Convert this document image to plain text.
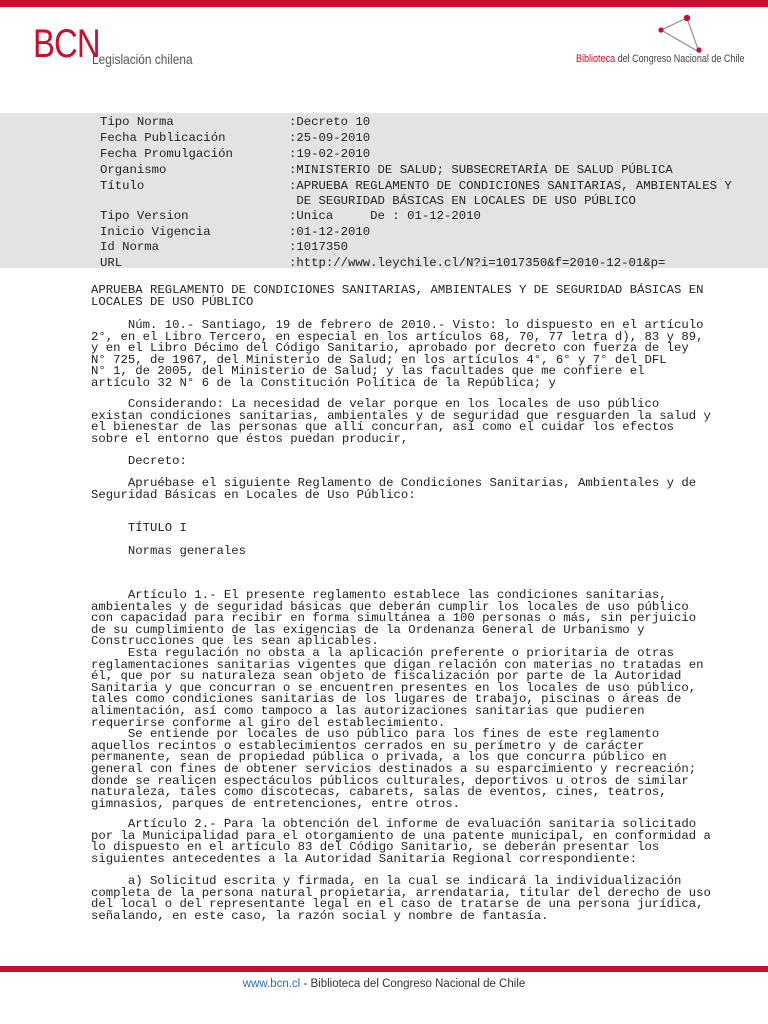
BCN
Legislación chilena	Biblioteca del Congreso Nacional de Chile
Tipo Norma	:Decreto 10
Fecha Publicación	:25-09-2010
Fecha Promulgación	:19-02-2010
Organismo	:MINISTERIO DE SALUD; SUBSECRETARÍA DE SALUD PÚBLICA
Título	:APRUEBA REGLAMENTO DE CONDICIONES SANITARIAS, AMBIENTALES Y
DE SEGURIDAD BÁSICAS EN LOCALES DE USO PÚBLICO
Tipo Version	:Unica     De : 01-12-2010
Inicio Vigencia	:01-12-2010
Id Norma	:1017350
URL	:http://www.leychile.cl/N?i=1017350&f=2010-12-01&p=
APRUEBA REGLAMENTO DE CONDICIONES SANITARIAS, AMBIENTALES Y DE SEGURIDAD BÁSICAS EN
LOCALES DE USO PÚBLICO
Núm. 10.- Santiago, 19 de febrero de 2010.- Visto: lo dispuesto en el artículo
2°, en el Libro Tercero, en especial en los artículos 68, 70, 77 letra d), 83 y 89,
y en el Libro Décimo del Código Sanitario, aprobado por decreto con fuerza de ley
N° 725, de 1967, del Ministerio de Salud; en los artículos 4°, 6° y 7° del DFL
N° 1, de 2005, del Ministerio de Salud; y las facultades que me confiere el
artículo 32 N° 6 de la Constitución Política de la República; y
Considerando: La necesidad de velar porque en los locales de uso público
existan condiciones sanitarias, ambientales y de seguridad que resguarden la salud y
el bienestar de las personas que allí concurran, así como el cuidar los efectos
sobre el entorno que éstos puedan producir,
Decreto:
Apruébase el siguiente Reglamento de Condiciones Sanitarias, Ambientales y de
Seguridad Básicas en Locales de Uso Público:
TÍTULO I
Normas generales
Artículo 1.- El presente reglamento establece las condiciones sanitarias,
ambientales y de seguridad básicas que deberán cumplir los locales de uso público
con capacidad para recibir en forma simultánea a 100 personas o más, sin perjuicio
de su cumplimiento de las exigencias de la Ordenanza General de Urbanismo y
Construcciones que les sean aplicables.
Esta regulación no obsta a la aplicación preferente o prioritaria de otras
reglamentaciones sanitarias vigentes que digan relación con materias no tratadas en
él, que por su naturaleza sean objeto de fiscalización por parte de la Autoridad
Sanitaria y que concurran o se encuentren presentes en los locales de uso público,
tales como condiciones sanitarias de los lugares de trabajo, piscinas o áreas de
alimentación, así como tampoco a las autorizaciones sanitarias que pudieren
requerirse conforme al giro del establecimiento.
Se entiende por locales de uso público para los fines de este reglamento
aquellos recintos o establecimientos cerrados en su perímetro y de carácter
permanente, sean de propiedad pública o privada, a los que concurra público en
general con fines de obtener servicios destinados a su esparcimiento y recreación;
donde se realicen espectáculos públicos culturales, deportivos u otros de similar
naturaleza, tales como discotecas, cabarets, salas de eventos, cines, teatros,
gimnasios, parques de entretenciones, entre otros.
Artículo 2.- Para la obtención del informe de evaluación sanitaria solicitado
por la Municipalidad para el otorgamiento de una patente municipal, en conformidad a
lo dispuesto en el artículo 83 del Código Sanitario, se deberán presentar los
siguientes antecedentes a la Autoridad Sanitaria Regional correspondiente:
a) Solicitud escrita y firmada, en la cual se indicará la individualización
completa de la persona natural propietaria, arrendataria, titular del derecho de uso
del local o del representante legal en el caso de tratarse de una persona jurídica,
señalando, en este caso, la razón social y nombre de fantasía.
www.bcn.cl - Biblioteca del Congreso Nacional de Chile
